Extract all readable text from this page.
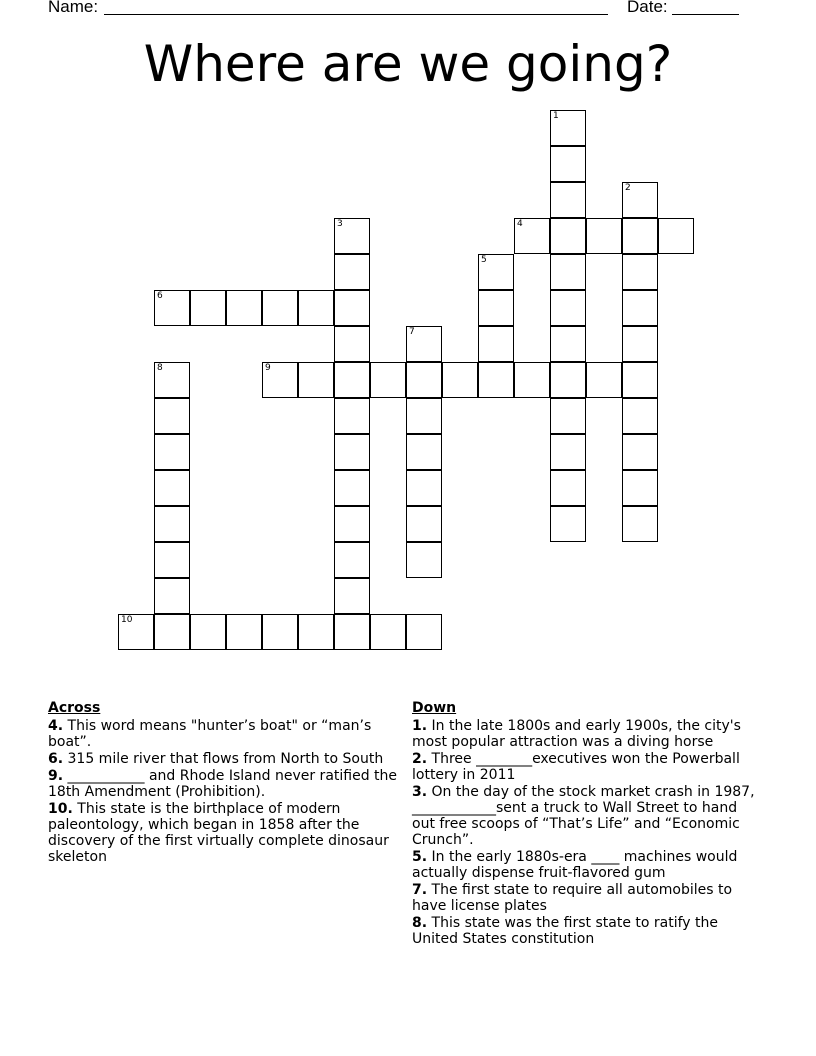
Name:	Date:
Where are we going?
1
2
3	4
5
6
7
8	9
10
Across
4. This word means "hunter’s boat" or “man’s boat”.
6. 315 mile river that flows from North to South
9. ___________ and Rhode Island never ratified the 18th Amendment (Prohibition).
10. This state is the birthplace of modern paleontology, which began in 1858 after the discovery of the first virtually complete dinosaur skeleton
Down
1. In the late 1800s and early 1900s, the city's most popular attraction was a diving horse
2. Three ________executives won the Powerball lottery in 2011
3. On the day of the stock market crash in 1987, ____________sent a truck to Wall Street to hand out free scoops of “That’s Life” and “Economic Crunch”.
5. In the early 1880s-era ____ machines would actually dispense fruit-flavored gum
7. The first state to require all automobiles to have license plates
8. This state was the first state to ratify the United States constitution
